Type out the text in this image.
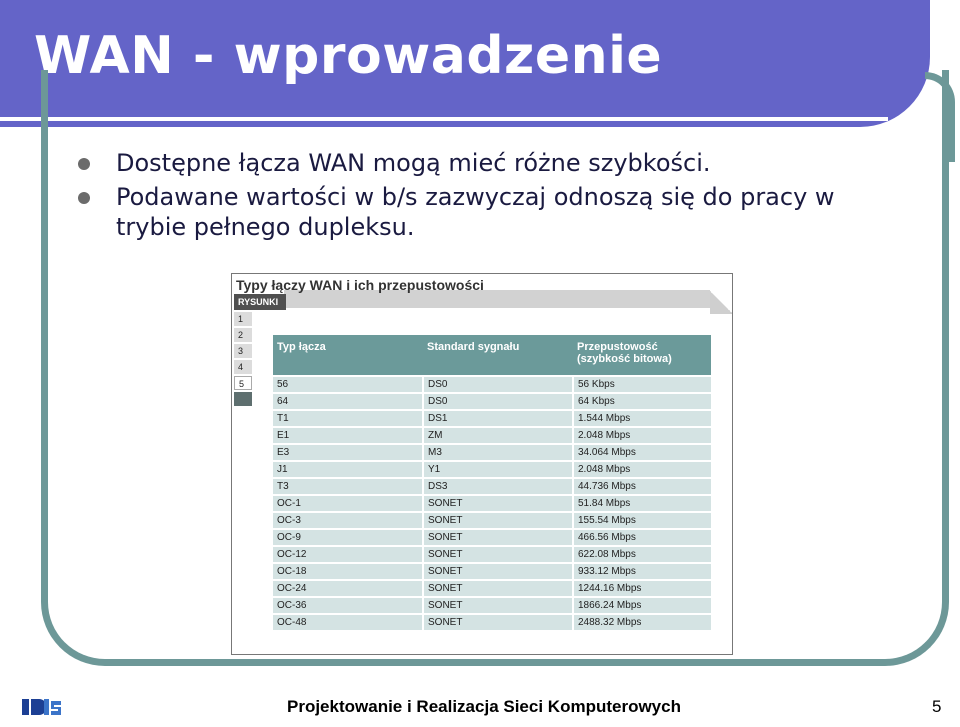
WAN - wprowadzenie
Dostępne łącza WAN mogą mieć różne szybkości.
Podawane wartości w b/s zazwyczaj odnoszą się do pracy w trybie pełnego dupleksu.
Typy łączy WAN i ich przepustowości
RYSUNKI
1
2
3
4
5
Typ łącza	Standard sygnału	Przepustowość (szybkość bitowa)
56	DS0	56 Kbps
64	DS0	64 Kbps
T1	DS1	1.544 Mbps
E1	ZM	2.048 Mbps
E3	M3	34.064 Mbps
J1	Y1	2.048 Mbps
T3	DS3	44.736 Mbps
OC-1	SONET	51.84 Mbps
OC-3	SONET	155.54 Mbps
OC-9	SONET	466.56 Mbps
OC-12	SONET	622.08 Mbps
OC-18	SONET	933.12 Mbps
OC-24	SONET	1244.16 Mbps
OC-36	SONET	1866.24 Mbps
OC-48	SONET	2488.32 Mbps
Projektowanie i Realizacja Sieci Komputerowych	5
